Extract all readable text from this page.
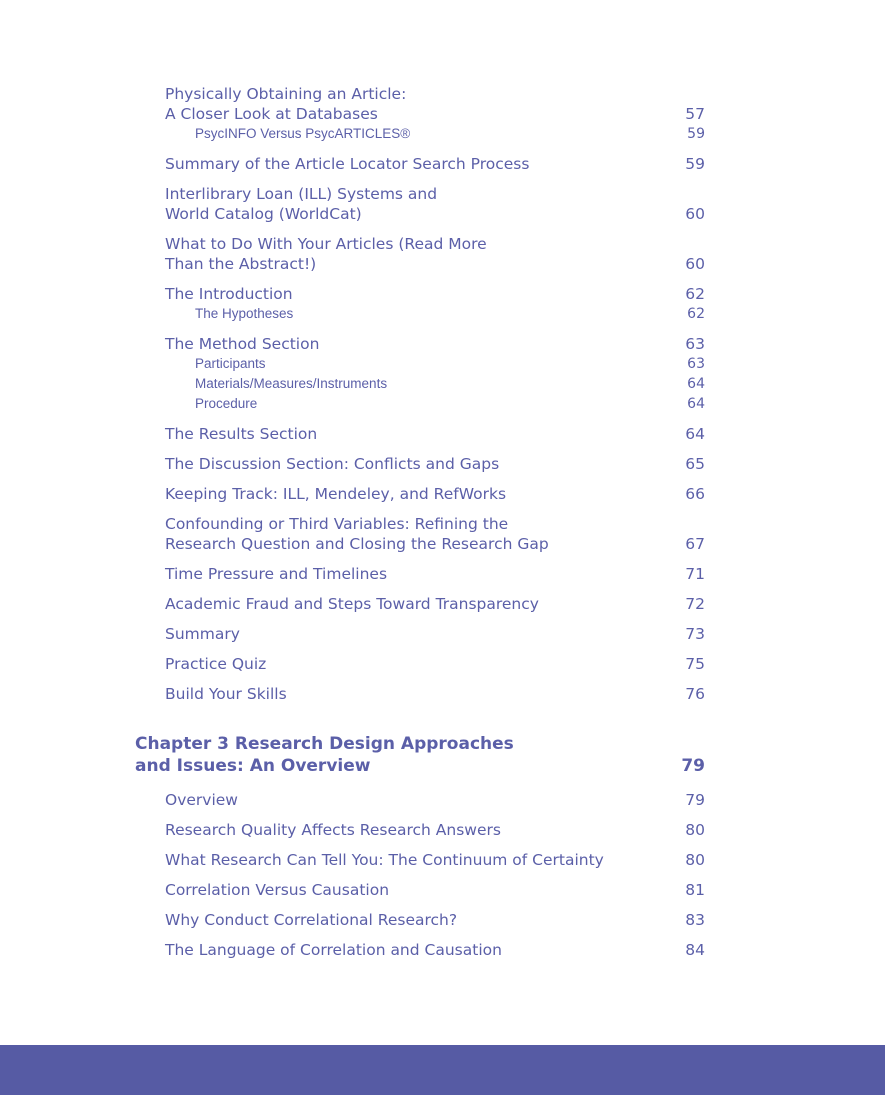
Physically Obtaining an Article:
A Closer Look at Databases	57
PsycINFO Versus PsycARTICLES®	59
Summary of the Article Locator Search Process	59
Interlibrary Loan (ILL) Systems and
World Catalog (WorldCat)	60
What to Do With Your Articles (Read More
Than the Abstract!)	60
The Introduction	62
The Hypotheses	62
The Method Section	63
Participants	63
Materials/Measures/Instruments	64
Procedure	64
The Results Section	64
The Discussion Section: Conflicts and Gaps	65
Keeping Track: ILL, Mendeley, and RefWorks	66
Confounding or Third Variables: Refining the
Research Question and Closing the Research Gap	67
Time Pressure and Timelines	71
Academic Fraud and Steps Toward Transparency	72
Summary	73
Practice Quiz	75
Build Your Skills	76
Chapter 3 Research Design Approaches
and Issues: An Overview	79
Overview	79
Research Quality Affects Research Answers	80
What Research Can Tell You: The Continuum of Certainty	80
Correlation Versus Causation	81
Why Conduct Correlational Research?	83
The Language of Correlation and Causation	84
